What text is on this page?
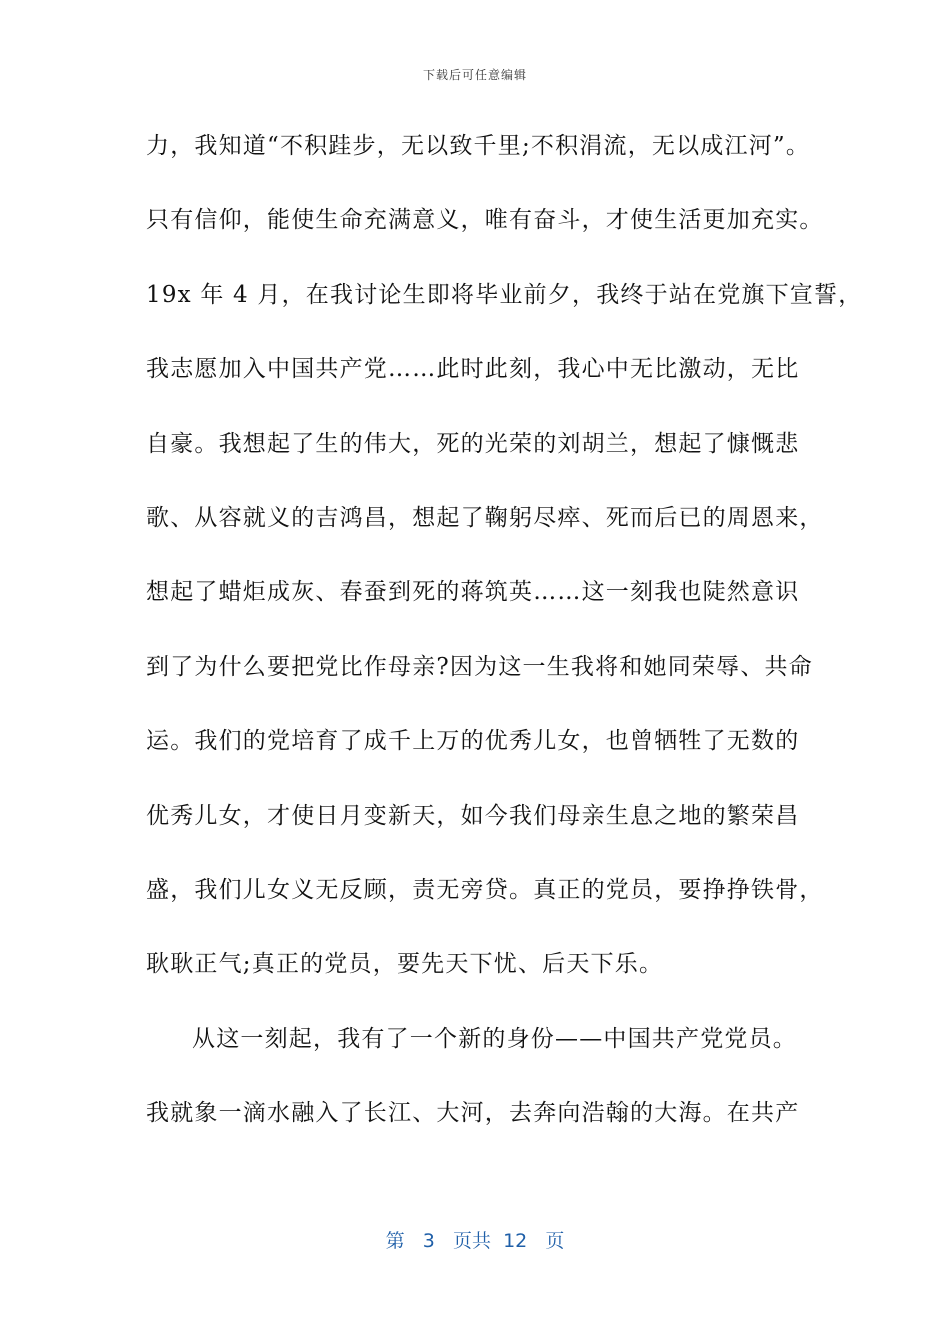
下载后可任意编辑
力，我知道“不积跬步，无以致千里;不积涓流，无以成江河”。
只有信仰，能使生命充满意义，唯有奋斗，才使生活更加充实。
19x 年 4 月，在我讨论生即将毕业前夕，我终于站在党旗下宣誓，
我志愿加入中国共产党……此时此刻，我心中无比激动，无比
自豪。我想起了生的伟大，死的光荣的刘胡兰，想起了慷慨悲
歌、从容就义的吉鸿昌，想起了鞠躬尽瘁、死而后已的周恩来，
想起了蜡炬成灰、春蚕到死的蒋筑英……这一刻我也陡然意识
到了为什么要把党比作母亲?因为这一生我将和她同荣辱、共命
运。我们的党培育了成千上万的优秀儿女，也曾牺牲了无数的
优秀儿女，才使日月变新天，如今我们母亲生息之地的繁荣昌
盛，我们儿女义无反顾，责无旁贷。真正的党员，要挣挣铁骨，
耿耿正气;真正的党员，要先天下忧、后天下乐。
从这一刻起，我有了一个新的身份——中国共产党党员。
我就象一滴水融入了长江、大河，去奔向浩翰的大海。在共产
第 3 页共 12 页
